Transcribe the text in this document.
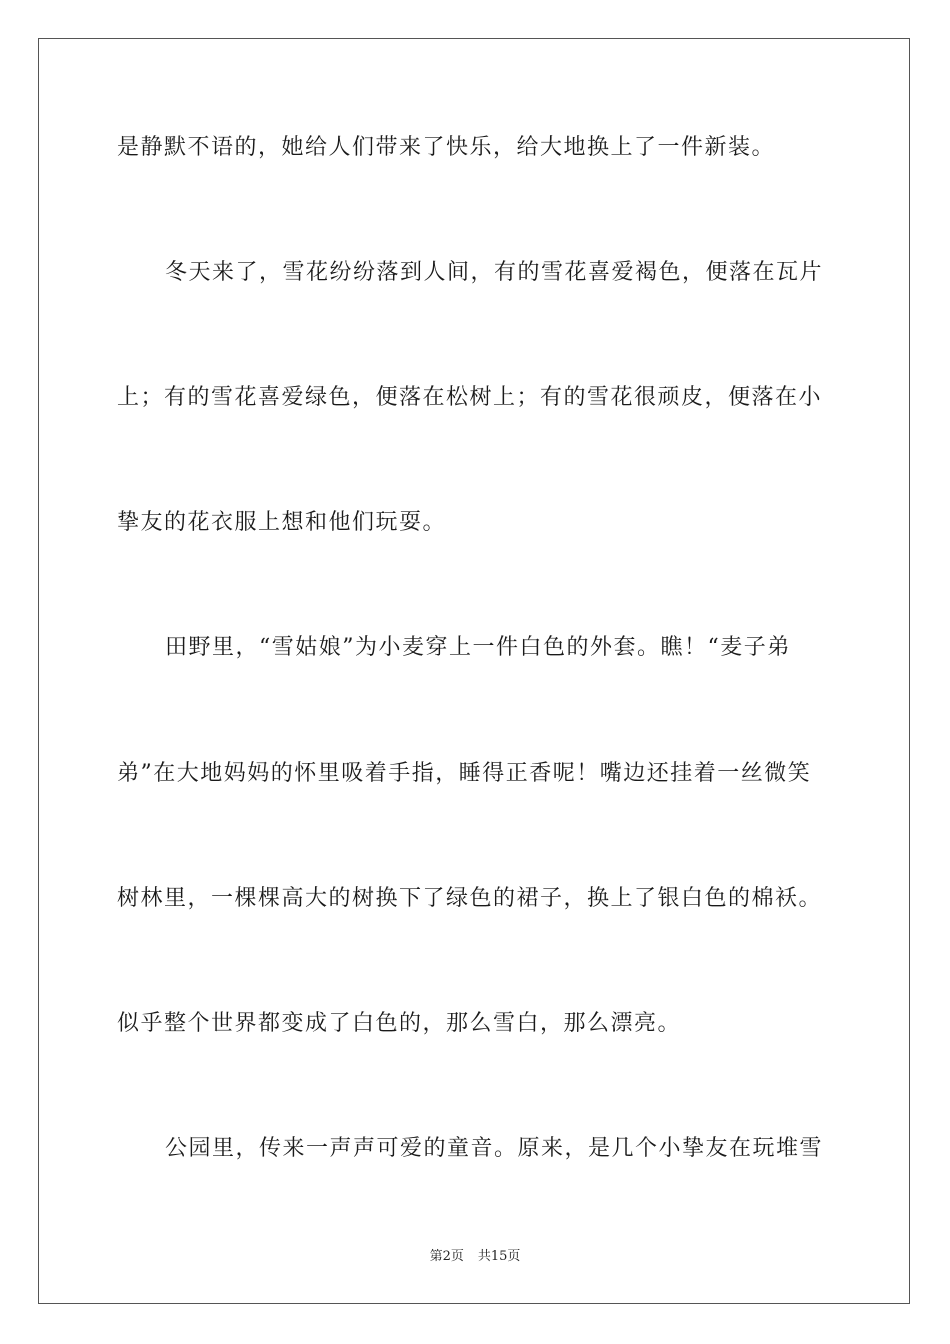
是静默不语的，她给人们带来了快乐，给大地换上了一件新装。
冬天来了，雪花纷纷落到人间，有的雪花喜爱褐色，便落在瓦片
上；有的雪花喜爱绿色，便落在松树上；有的雪花很顽皮，便落在小
挚友的花衣服上想和他们玩耍。
田野里，“雪姑娘”为小麦穿上一件白色的外套。瞧！“麦子弟
弟”在大地妈妈的怀里吸着手指，睡得正香呢！嘴边还挂着一丝微笑
树林里，一棵棵高大的树换下了绿色的裙子，换上了银白色的棉袄。
似乎整个世界都变成了白色的，那么雪白，那么漂亮。
公园里，传来一声声可爱的童音。原来，是几个小挚友在玩堆雪
第2页 共15页
